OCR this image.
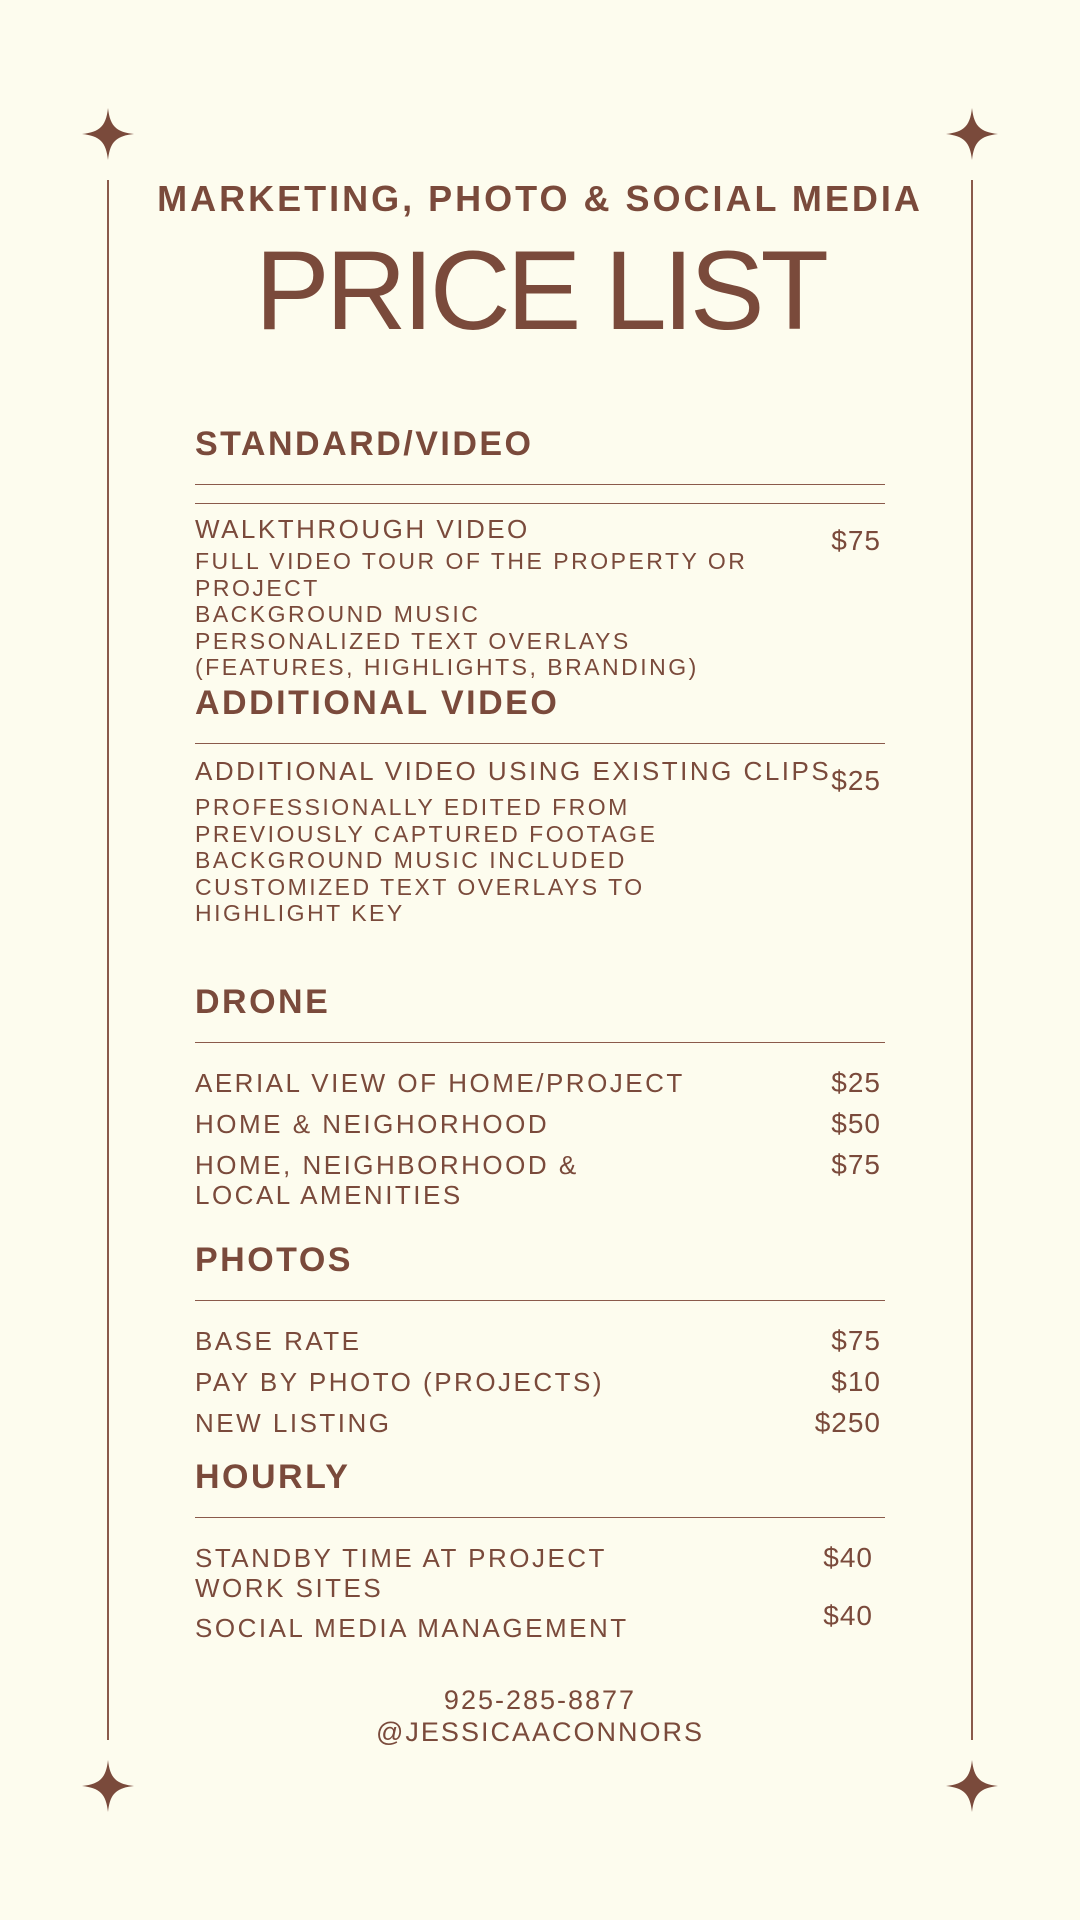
MARKETING, PHOTO & SOCIAL MEDIA
PRICE LIST
STANDARD/VIDEO
WALKTHROUGH VIDEO	$75
FULL VIDEO TOUR OF THE PROPERTY OR
PROJECT
BACKGROUND MUSIC
PERSONALIZED TEXT OVERLAYS
(FEATURES, HIGHLIGHTS, BRANDING)
ADDITIONAL VIDEO
ADDITIONAL VIDEO USING EXISTING CLIPS $25
PROFESSIONALLY EDITED FROM
PREVIOUSLY CAPTURED FOOTAGE
BACKGROUND MUSIC INCLUDED
CUSTOMIZED TEXT OVERLAYS TO
HIGHLIGHT KEY
DRONE
AERIAL VIEW OF HOME/PROJECT	$25
HOME & NEIGHORHOOD	$50
HOME, NEIGHBORHOOD &
LOCAL AMENITIES
$75
PHOTOS
BASE RATE	$75
PAY BY PHOTO (PROJECTS)	$10
NEW LISTING	$250
HOURLY
STANDBY TIME AT PROJECT
WORK SITES
$40
SOCIAL MEDIA MANAGEMENT	$40
925-285-8877
@JESSICAACONNORS
